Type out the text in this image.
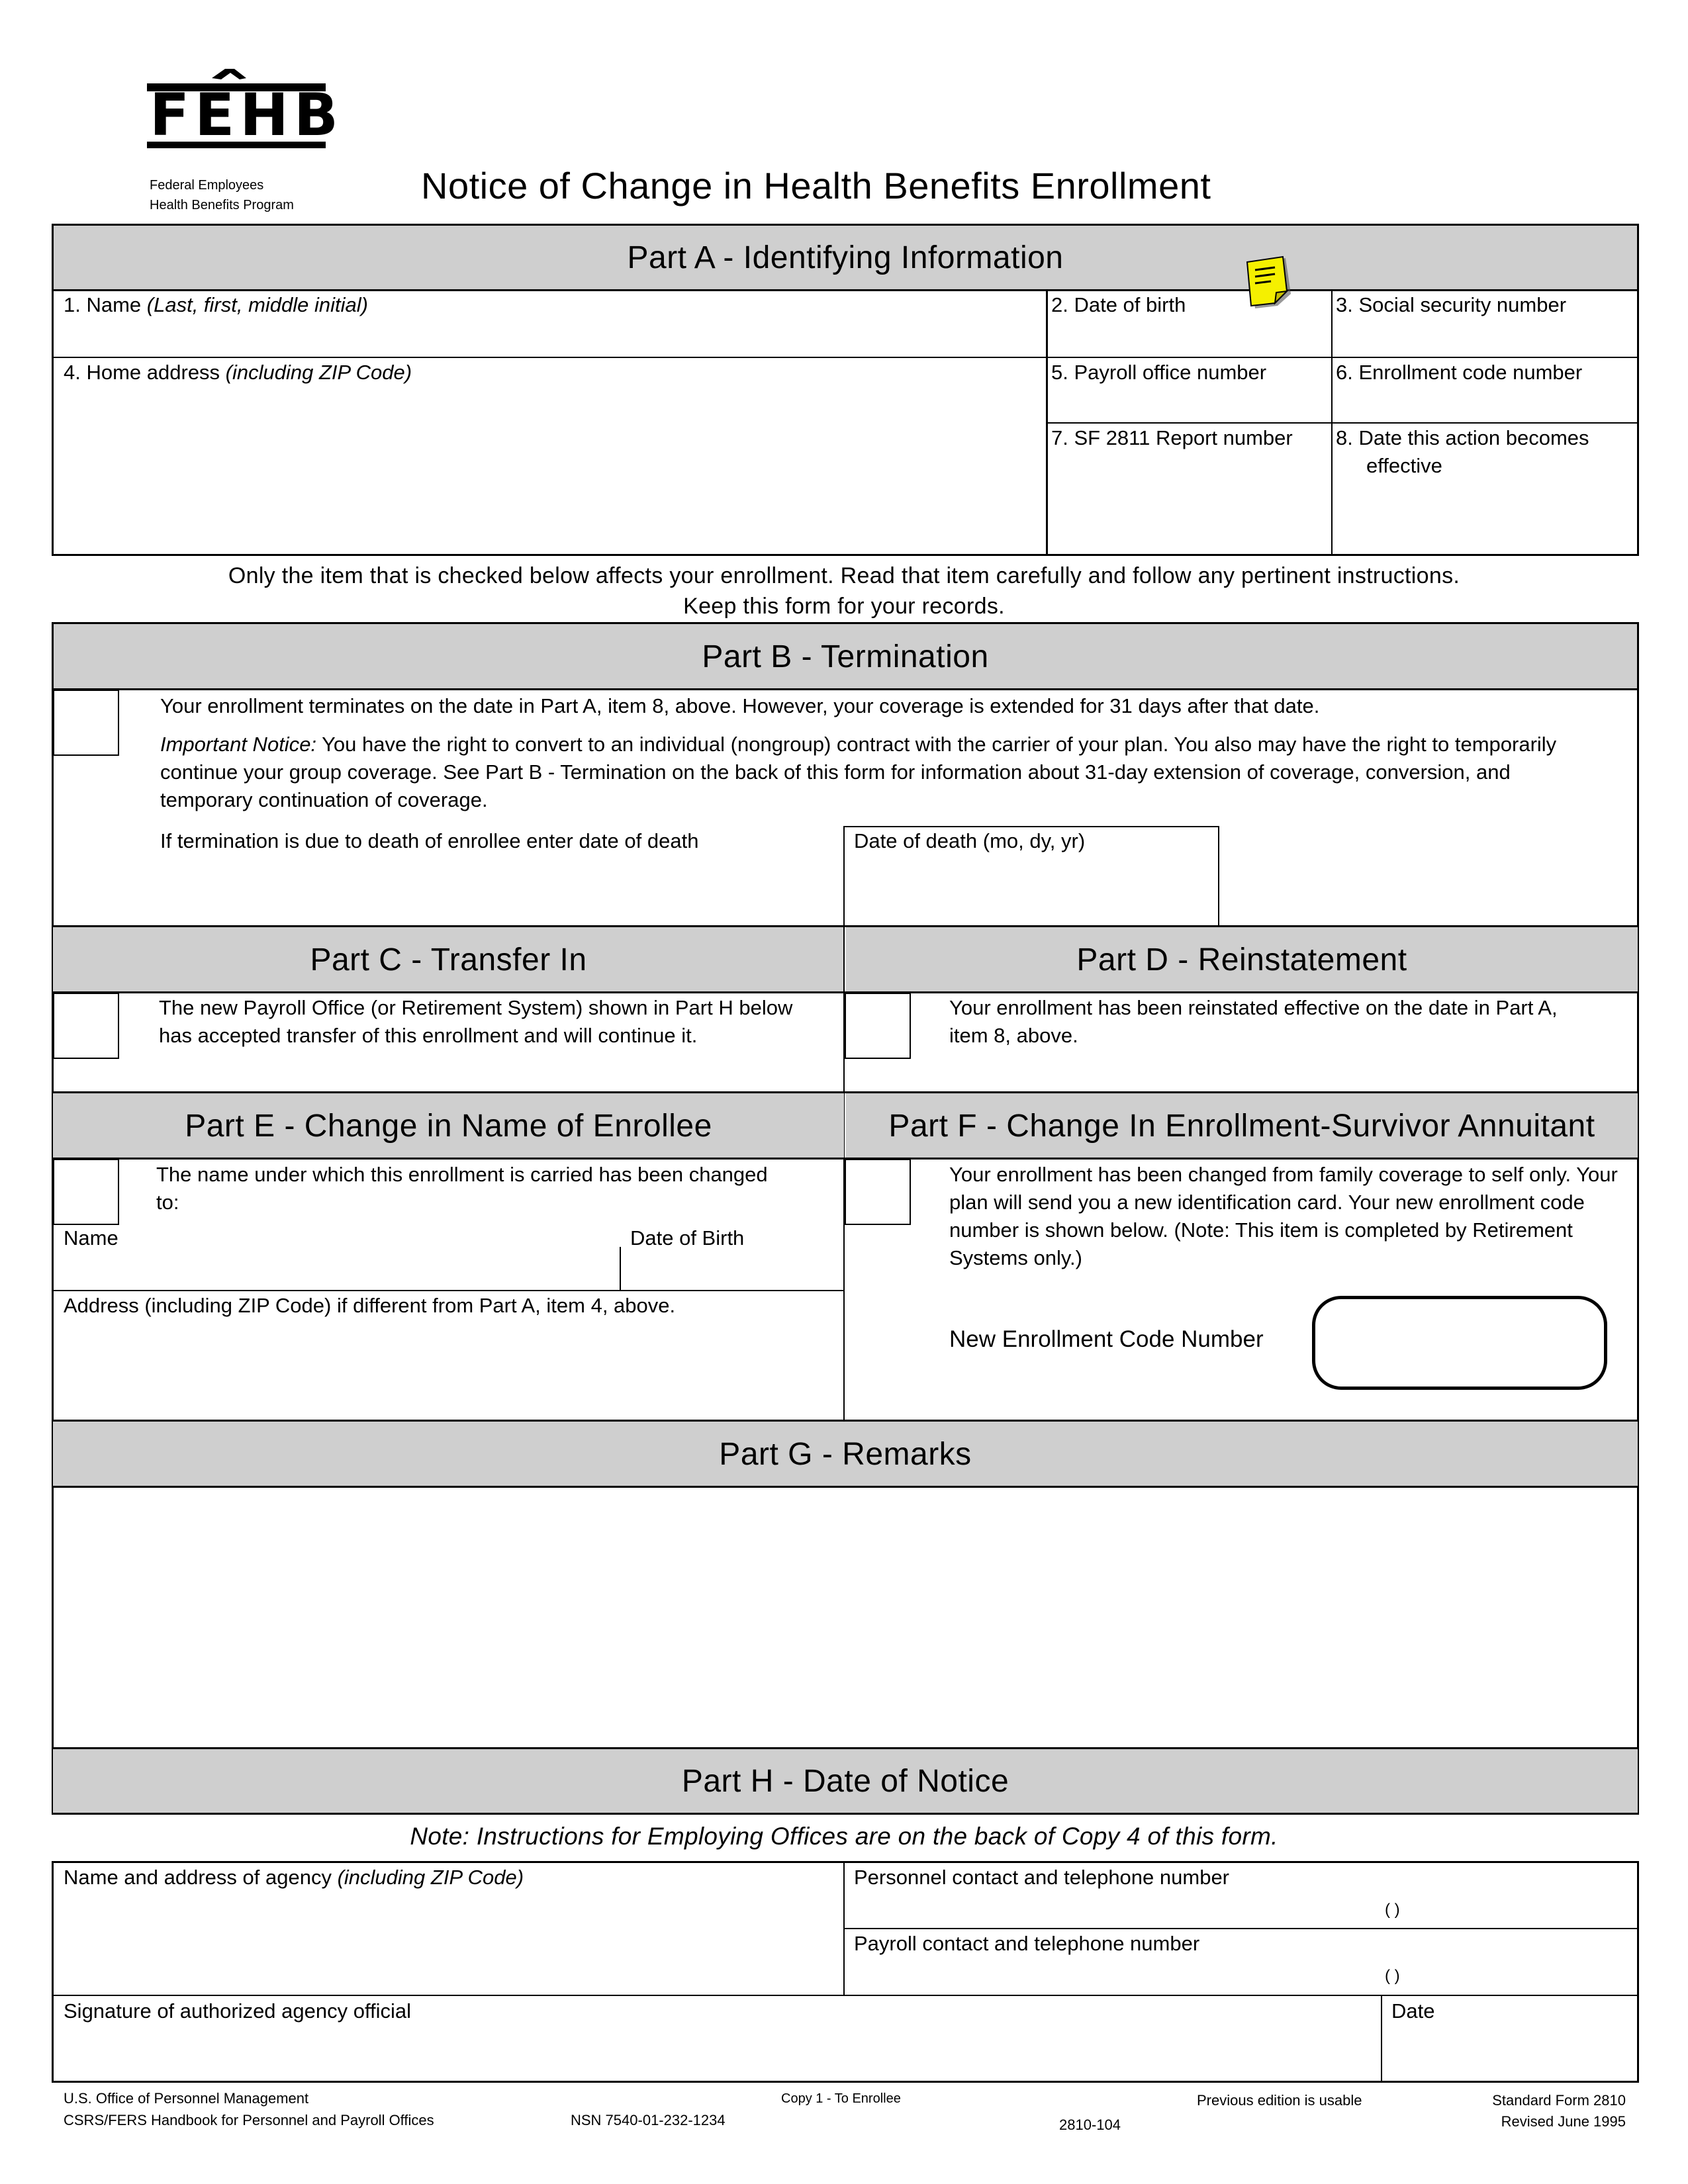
FEHB
Federal Employees
Health Benefits Program	Notice of Change in Health Benefits Enrollment
Part A - Identifying Information
1. Name (Last, first, middle initial)	2. Date of birth	3. Social security number
4. Home address (including ZIP Code)	5. Payroll office number	6. Enrollment code number
7. SF 2811 Report number 8. Date this action becomes
effective
Only the item that is checked below affects your enrollment. Read that item carefully and follow any pertinent instructions.
Keep this form for your records.
Part B - Termination
Your enrollment terminates on the date in Part A, item 8, above. However, your coverage is extended for 31 days after that date.
Important Notice: You have the right to convert to an individual (nongroup) contract with the carrier of your plan. You also may have the right to temporarily continue your group coverage. See Part B - Termination on the back of this form for information about 31-day extension of coverage, conversion, and temporary continuation of coverage.
If termination is due to death of enrollee enter date of death	Date of death (mo, dy, yr)
Part C - Transfer In	Part D - Reinstatement
The new Payroll Office (or Retirement System) shown in Part H below has accepted transfer of this enrollment and will continue it.
Your enrollment has been reinstated effective on the date in Part A, item 8, above.
Part E - Change in Name of Enrollee	Part F - Change In Enrollment-Survivor Annuitant
The name under which this enrollment is carried has been changed to:
Name	Date of Birth
Address (including ZIP Code) if different from Part A, item 4, above.
Your enrollment has been changed from family coverage to self only. Your plan will send you a new identification card. Your new enrollment code number is shown below. (Note: This item is completed by Retirement Systems only.)
New Enrollment Code Number
Part G - Remarks
Part H - Date of Notice
Note: Instructions for Employing Offices are on the back of Copy 4 of this form.
Name and address of agency (including ZIP Code)	Personnel contact and telephone number
( )
Payroll contact and telephone number
( )
Signature of authorized agency official	Date
U.S. Office of Personnel Management
CSRS/FERS Handbook for Personnel and Payroll Offices	NSN 7540-01-232-1234
Copy 1 - To Enrollee
2810-104
Previous edition is usable	Standard Form 2810
Revised June 1995
